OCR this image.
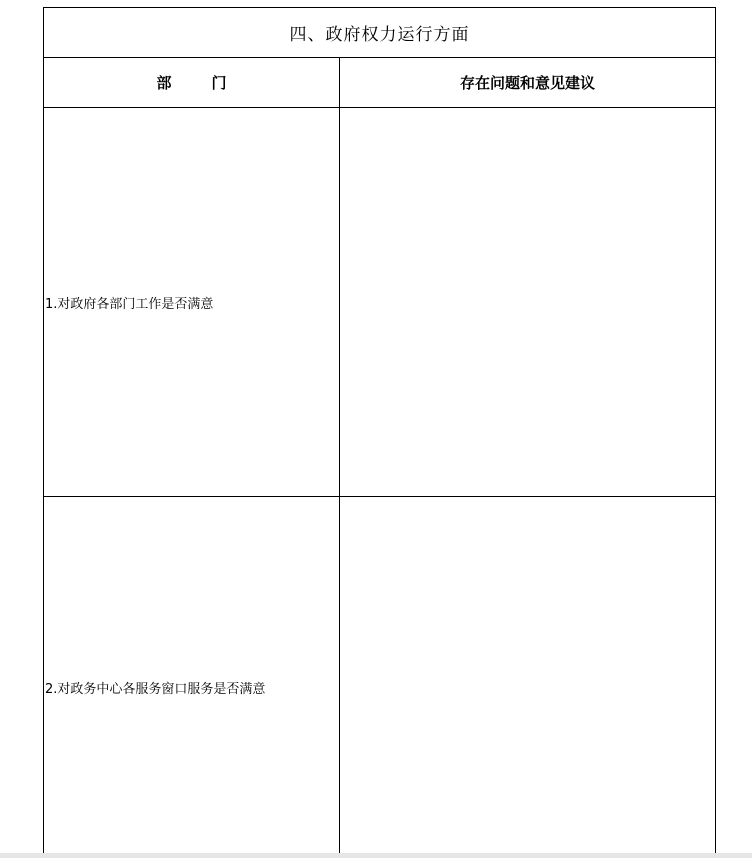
四、政府权力运行方面
部	门	存在问题和意见建议
1.对政府各部门工作是否满意
2.对政务中心各服务窗口服务是否满意
